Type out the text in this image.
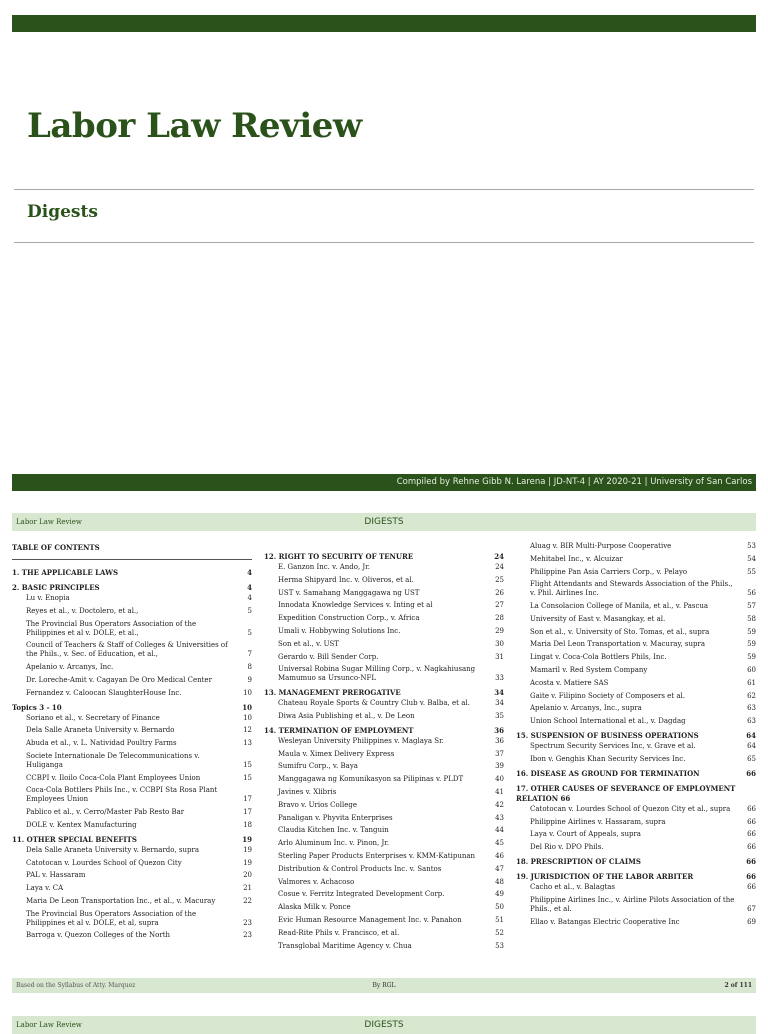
Labor Law Review
Digests
Compiled by Rehne Gibb N. Larena | JD-NT-4 | AY 2020-21 | University of San Carlos
Labor Law Review	DIGESTS
TABLE OF CONTENTS
1. THE APPLICABLE LAWS	4
2. BASIC PRINCIPLES	4
Lu v. Enopia	4
Reyes et al., v. Doctolero, et al.,	5
The Provincial Bus Operators Association of the Philippines et al v. DOLE, et al.,	5
Council of Teachers & Staff of Colleges & Universities of the Phils., v. Sec. of Education, et al.,	7
Apelanio v. Arcanys, Inc.	8
Dr. Loreche-Amit v. Cagayan De Oro Medical Center	9
Fernandez v. Caloocan SlaughterHouse Inc.	10
Topics 3 - 10	10
Soriano et al., v. Secretary of Finance	10
Dela Salle Araneta University v. Bernardo	12
Abuda et al., v. L. Natividad Poultry Farms	13
Societe Internationale De Telecommunications v. Huliganga	15
CCBPI v. Iloilo Coca-Cola Plant Employees Union	15
Coca-Cola Bottlers Phils Inc., v. CCBPI Sta Rosa Plant Employees Union	17
Pablico et al., v. Cerro/Master Pab Resto Bar	17
DOLE v. Kentex Manufacturing	18
11. OTHER SPECIAL BENEFITS	19
Dela Salle Araneta University v. Bernardo, supra	19
Catotocan v. Lourdes School of Quezon City	19
PAL v. Hassaram	20
Laya v. CA	21
Maria De Leon Transportation Inc., et al., v. Macuray	22
The Provincial Bus Operators Association of the Philippines et al v. DOLE, et al, supra	23
Barroga v. Quezon Colleges of the North	23
12. RIGHT TO SECURITY OF TENURE	24
E. Ganzon Inc. v. Ando, Jr.	24
Herma Shipyard Inc. v. Oliveros, et al.	25
UST v. Samahang Manggagawa ng UST	26
Innodata Knowledge Services v. Inting et al	27
Expedition Construction Corp., v. Africa	28
Umali v. Hobbywing Solutions Inc.	29
Son et al., v. UST	30
Gerardo v. Bill Sender Corp.	31
Universal Robina Sugar Milling Corp., v. Nagkahiusang Mamumuo sa Ursunco-NFL	33
13. MANAGEMENT PREROGATIVE	34
Chateau Royale Sports & Country Club v. Balba, et al.	34
Diwa Asia Publishing et al., v. De Leon	35
14. TERMINATION OF EMPLOYMENT	36
Wesleyan University Philippines v. Maglaya Sr.	36
Maula v. Ximex Delivery Express	37
Sumifru Corp., v. Baya	39
Manggagawa ng Komunikasyon sa Pilipinas v. PLDT	40
Javines v. Xlibris	41
Bravo v. Urios College	42
Panaligan v. Phyvita Enterprises	43
Claudia Kitchen Inc. v. Tanguin	44
Arlo Aluminum Inc. v. Pinon, Jr.	45
Sterling Paper Products Enterprises v. KMM-Katipunan	46
Distribution & Control Products Inc. v. Santos	47
Valmores v. Achacoso	48
Cosue v. Ferritz Integrated Development Corp.	49
Alaska Milk v. Ponce	50
Evic Human Resource Management Inc. v. Panahon	51
Read-Rite Phils v. Francisco, et al.	52
Transglobal Maritime Agency v. Chua	53
Aluag v. BIR Multi-Purpose Cooperative	53
Mehitabel Inc., v. Alcuizar	54
Philippine Pan Asia Carriers Corp., v. Pelayo	55
Flight Attendants and Stewards Association of the Phils., v. Phil. Airlines Inc.	56
La Consolacion College of Manila, et al., v. Pascua	57
University of East v. Masangkay, et al.	58
Son et al., v. University of Sto. Tomas, et al., supra	59
Maria Del Leon Transportation v. Macuray, supra	59
Lingat v. Coca-Cola Bottlers Phils, Inc.	59
Mamaril v. Red System Company	60
Acosta v. Matiere SAS	61
Gaite v. Filipino Society of Composers et al.	62
Apelanio v. Arcanys, Inc., supra	63
Union School International et al., v. Dagdag	63
15. SUSPENSION OF BUSINESS OPERATIONS	64
Spectrum Security Services Inc, v. Grave et al.	64
Ibon v. Genghis Khan Security Services Inc.	65
16. DISEASE AS GROUND FOR TERMINATION	66
17. OTHER CAUSES OF SEVERANCE OF EMPLOYMENT RELATION 66
Catotocan v. Lourdes School of Quezon City et al., supra	66
Philippine Airlines v. Hassaram, supra	66
Laya v. Court of Appeals, supra	66
Del Rio v. DPO Phils.	66
18. PRESCRIPTION OF CLAIMS	66
19. JURISDICTION OF THE LABOR ARBITER	66
Cacho et al., v. Balagtas	66
Philippine Airlines Inc., v. Airline Pilots Association of the Phils., et al.	67
Ellao v. Batangas Electric Cooperative Inc	69
Based on the Syllabus of Atty. Marquez	By RGL	2 of 111
Labor Law Review	DIGESTS
